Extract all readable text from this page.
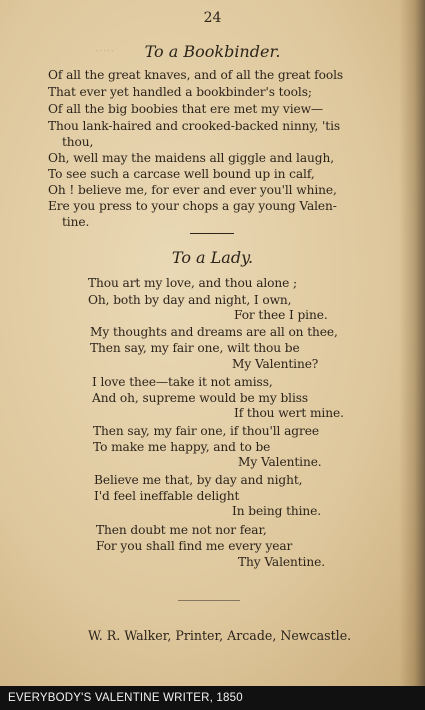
·····
24
To a Bookbinder.
Of all the great knaves, and of all the great fools
That ever yet handled a bookbinder's tools;
Of all the big boobies that ere met my view—
Thou lank-haired and crooked-backed ninny, 'tis
thou,
Oh, well may the maidens all giggle and laugh,
To see such a carcase well bound up in calf,
Oh ! believe me, for ever and ever you'll whine,
Ere you press to your chops a gay young Valen-
tine.
To a Lady.
Thou art my love, and thou alone ;
Oh, both by day and night, I own,
For thee I pine.
My thoughts and dreams are all on thee,
Then say, my fair one, wilt thou be
My Valentine?
I love thee—take it not amiss,
And oh, supreme would be my bliss
If thou wert mine.
Then say, my fair one, if thou'll agree
To make me happy, and to be
My Valentine.
Believe me that, by day and night,
I'd feel ineffable delight
In being thine.
Then doubt me not nor fear,
For you shall find me every year
Thy Valentine.
W. R. Walker, Printer, Arcade, Newcastle.
EVERYBODY'S VALENTINE WRITER, 1850
